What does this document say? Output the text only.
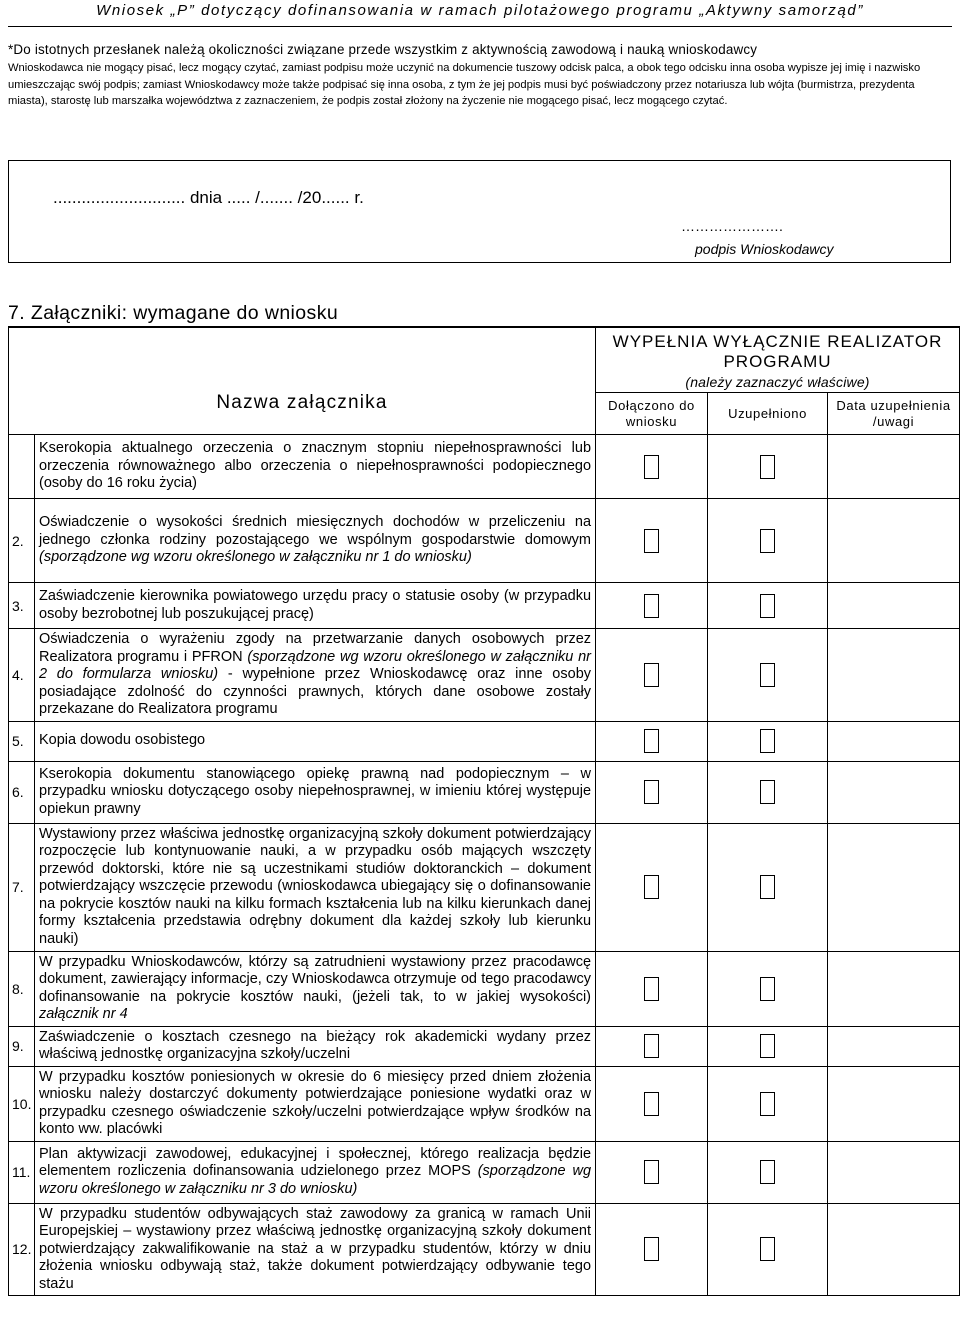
Wniosek „P” dotyczący dofinansowania w ramach pilotażowego programu „Aktywny samorząd”
*Do istotnych przesłanek należą okoliczności związane przede wszystkim z aktywnością zawodową i nauką wnioskodawcy
Wnioskodawca nie mogący pisać, lecz mogący czytać, zamiast podpisu może uczynić na dokumencie tuszowy odcisk palca, a obok tego odcisku inna osoba wypisze jej imię i nazwisko umieszczając swój podpis; zamiast Wnioskodawcy może także podpisać się inna osoba, z tym że jej podpis musi być poświadczony przez notariusza lub wójta (burmistrza, prezydenta miasta), starostę lub marszałka województwa z zaznaczeniem, że podpis został złożony na życzenie nie mogącego pisać, lecz mogącego czytać.
............................ dnia ..... /....... /20...... r.
………………….
podpis Wnioskodawcy
7. Załączniki: wymagane do wniosku
Nazwa załącznika		WYPEŁNIA WYŁĄCZNIE REALIZATOR PROGRAMU
(należy zaznaczyć właściwe)		

		Dołączono do wniosku	Uzupełniono	Data uzupełnienia /uwagi
	Kserokopia aktualnego orzeczenia o znacznym stopniu niepełnosprawności lub orzeczenia równoważnego albo orzeczenia o niepełnosprawności podopiecznego (osoby do 16 roku życia)			
2.	Oświadczenie o wysokości średnich miesięcznych dochodów w przeliczeniu na jednego członka rodziny pozostającego we wspólnym gospodarstwie domowym (sporządzone wg wzoru określonego w załączniku nr 1 do wniosku)			
3.	Zaświadczenie kierownika powiatowego urzędu pracy o statusie osoby (w przypadku osoby bezrobotnej lub poszukującej pracę)			
4.	Oświadczenia o wyrażeniu zgody na przetwarzanie danych osobowych przez Realizatora programu i PFRON (sporządzone wg wzoru określonego w załączniku nr 2 do formularza wniosku) - wypełnione przez Wnioskodawcę oraz inne osoby posiadające zdolność do czynności prawnych, których dane osobowe zostały przekazane do Realizatora programu			
5.	Kopia dowodu osobistego			
6.	Kserokopia dokumentu stanowiącego opiekę prawną nad podopiecznym – w przypadku wniosku dotyczącego osoby niepełnosprawnej, w imieniu której występuje opiekun prawny			
7.	Wystawiony przez właściwa jednostkę organizacyjną szkoły dokument potwierdzający rozpoczęcie lub kontynuowanie nauki, a w przypadku osób mających wszczęty przewód doktorski, które nie są uczestnikami studiów doktoranckich – dokument potwierdzający wszczęcie przewodu (wnioskodawca ubiegający się o dofinansowanie na pokrycie kosztów nauki na kilku formach kształcenia lub na kilku kierunkach danej formy kształcenia przedstawia odrębny dokument dla każdej szkoły lub kierunku nauki)			
8.	W przypadku Wnioskodawców, którzy są zatrudnieni wystawiony przez pracodawcę dokument, zawierający informacje, czy Wnioskodawca otrzymuje od tego pracodawcy dofinansowanie na pokrycie kosztów nauki, (jeżeli tak, to w jakiej wysokości) załącznik nr 4			
9.	Zaświadczenie o kosztach czesnego na bieżący rok akademicki wydany przez właściwą jednostkę organizacyjna szkoły/uczelni			
10.	W przypadku kosztów poniesionych w okresie do 6 miesięcy przed dniem złożenia wniosku należy dostarczyć dokumenty potwierdzające poniesione wydatki oraz w przypadku czesnego oświadczenie szkoły/uczelni potwierdzające wpływ środków na konto ww. placówki			
11.	Plan aktywizacji zawodowej, edukacyjnej i społecznej, którego realizacja będzie elementem rozliczenia dofinansowania udzielonego przez MOPS (sporządzone wg wzoru określonego w załączniku nr 3 do wniosku)			
12.	W przypadku studentów odbywających staż zawodowy za granicą w ramach Unii Europejskiej – wystawiony przez właściwą jednostkę organizacyjną szkoły dokument potwierdzający zakwalifikowanie na staż a w przypadku studentów, którzy w dniu złożenia wniosku odbywają staż, także dokument potwierdzający odbywanie tego stażu			
